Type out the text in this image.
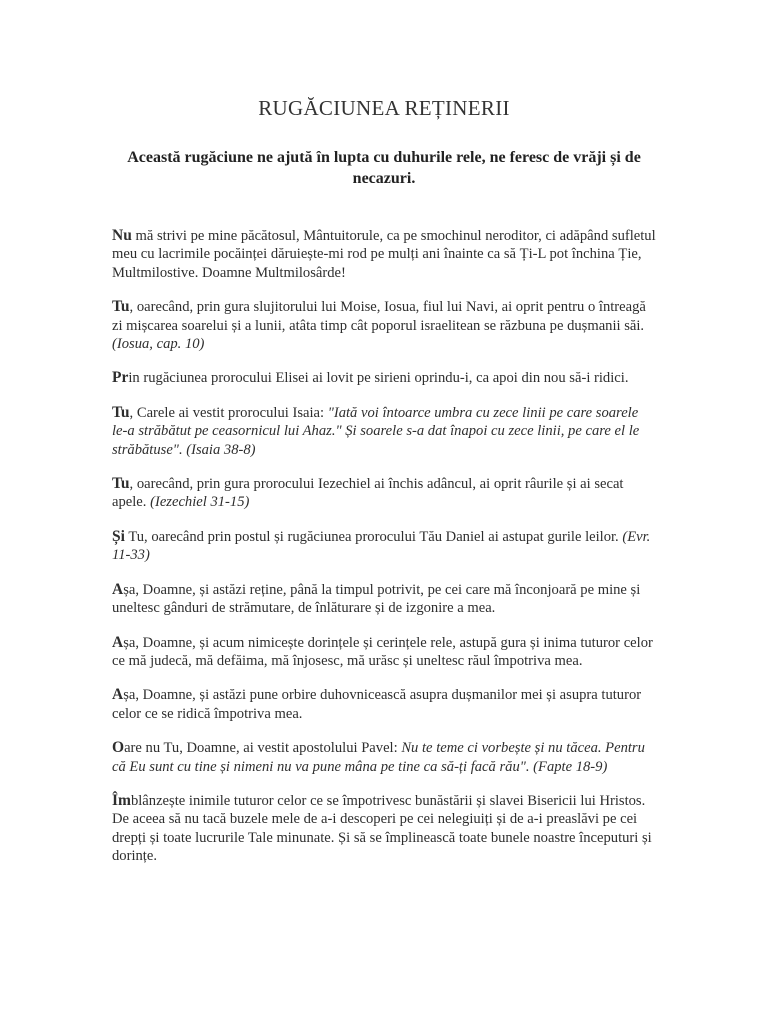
RUGĂCIUNEA REȚINERII
Această rugăciune ne ajută în lupta cu duhurile rele, ne feresc de vrăji și de necazuri.

Nu mă strivi pe mine păcătosul, Mântuitorule, ca pe smochinul neroditor, ci adăpând sufletul meu cu lacrimile pocăinței dăruiește-mi rod pe mulți ani înainte ca să Ți-L pot închina Ție, Multmilostive. Doamne Multmilosârde!

Tu, oarecând, prin gura slujitorului lui Moise, Iosua, fiul lui Navi, ai oprit pentru o întreagă zi mișcarea soarelui și a lunii, atâta timp cât poporul israelitean se răzbuna pe dușmanii săi. (Iosua, cap. 10)

Prin rugăciunea prorocului Elisei ai lovit pe sirieni oprindu-i, ca apoi din nou să-i ridici.

Tu, Carele ai vestit prorocului Isaia: "Iată voi întoarce umbra cu zece linii pe care soarele le-a străbătut pe ceasornicul lui Ahaz." Și soarele s-a dat înapoi cu zece linii, pe care el le străbătuse". (Isaia 38-8)

Tu, oarecând, prin gura prorocului Iezechiel ai închis adâncul, ai oprit râurile și ai secat apele. (Iezechiel 31-15)

Și Tu, oarecând prin postul și rugăciunea prorocului Tău Daniel ai astupat gurile leilor. (Evr. 11-33)

Așa, Doamne, și astăzi reține, până la timpul potrivit, pe cei care mă înconjoară pe mine și uneltesc gânduri de strămutare, de înlăturare și de izgonire a mea.

Așa, Doamne, și acum nimicește dorințele și cerințele rele, astupă gura și inima tuturor celor ce mă judecă, mă defăima, mă înjosesc, mă urăsc și uneltesc răul împotriva mea.

Așa, Doamne, și astăzi pune orbire duhovnicească asupra dușmanilor mei și asupra tuturor celor ce se ridică împotriva mea.

Oare nu Tu, Doamne, ai vestit apostolului Pavel: Nu te teme ci vorbește și nu tăcea. Pentru că Eu sunt cu tine și nimeni nu va pune mâna pe tine ca să-ți facă rău". (Fapte 18-9)

Îmblânzește inimile tuturor celor ce se împotrivesc bunăstării și slavei Bisericii lui Hristos. De aceea să nu tacă buzele mele de a-i descoperi pe cei nelegiuiți și de a-i preaslăvi pe cei drepți și toate lucrurile Tale minunate. Și să se împlinească toate bunele noastre începuturi și dorințe.
